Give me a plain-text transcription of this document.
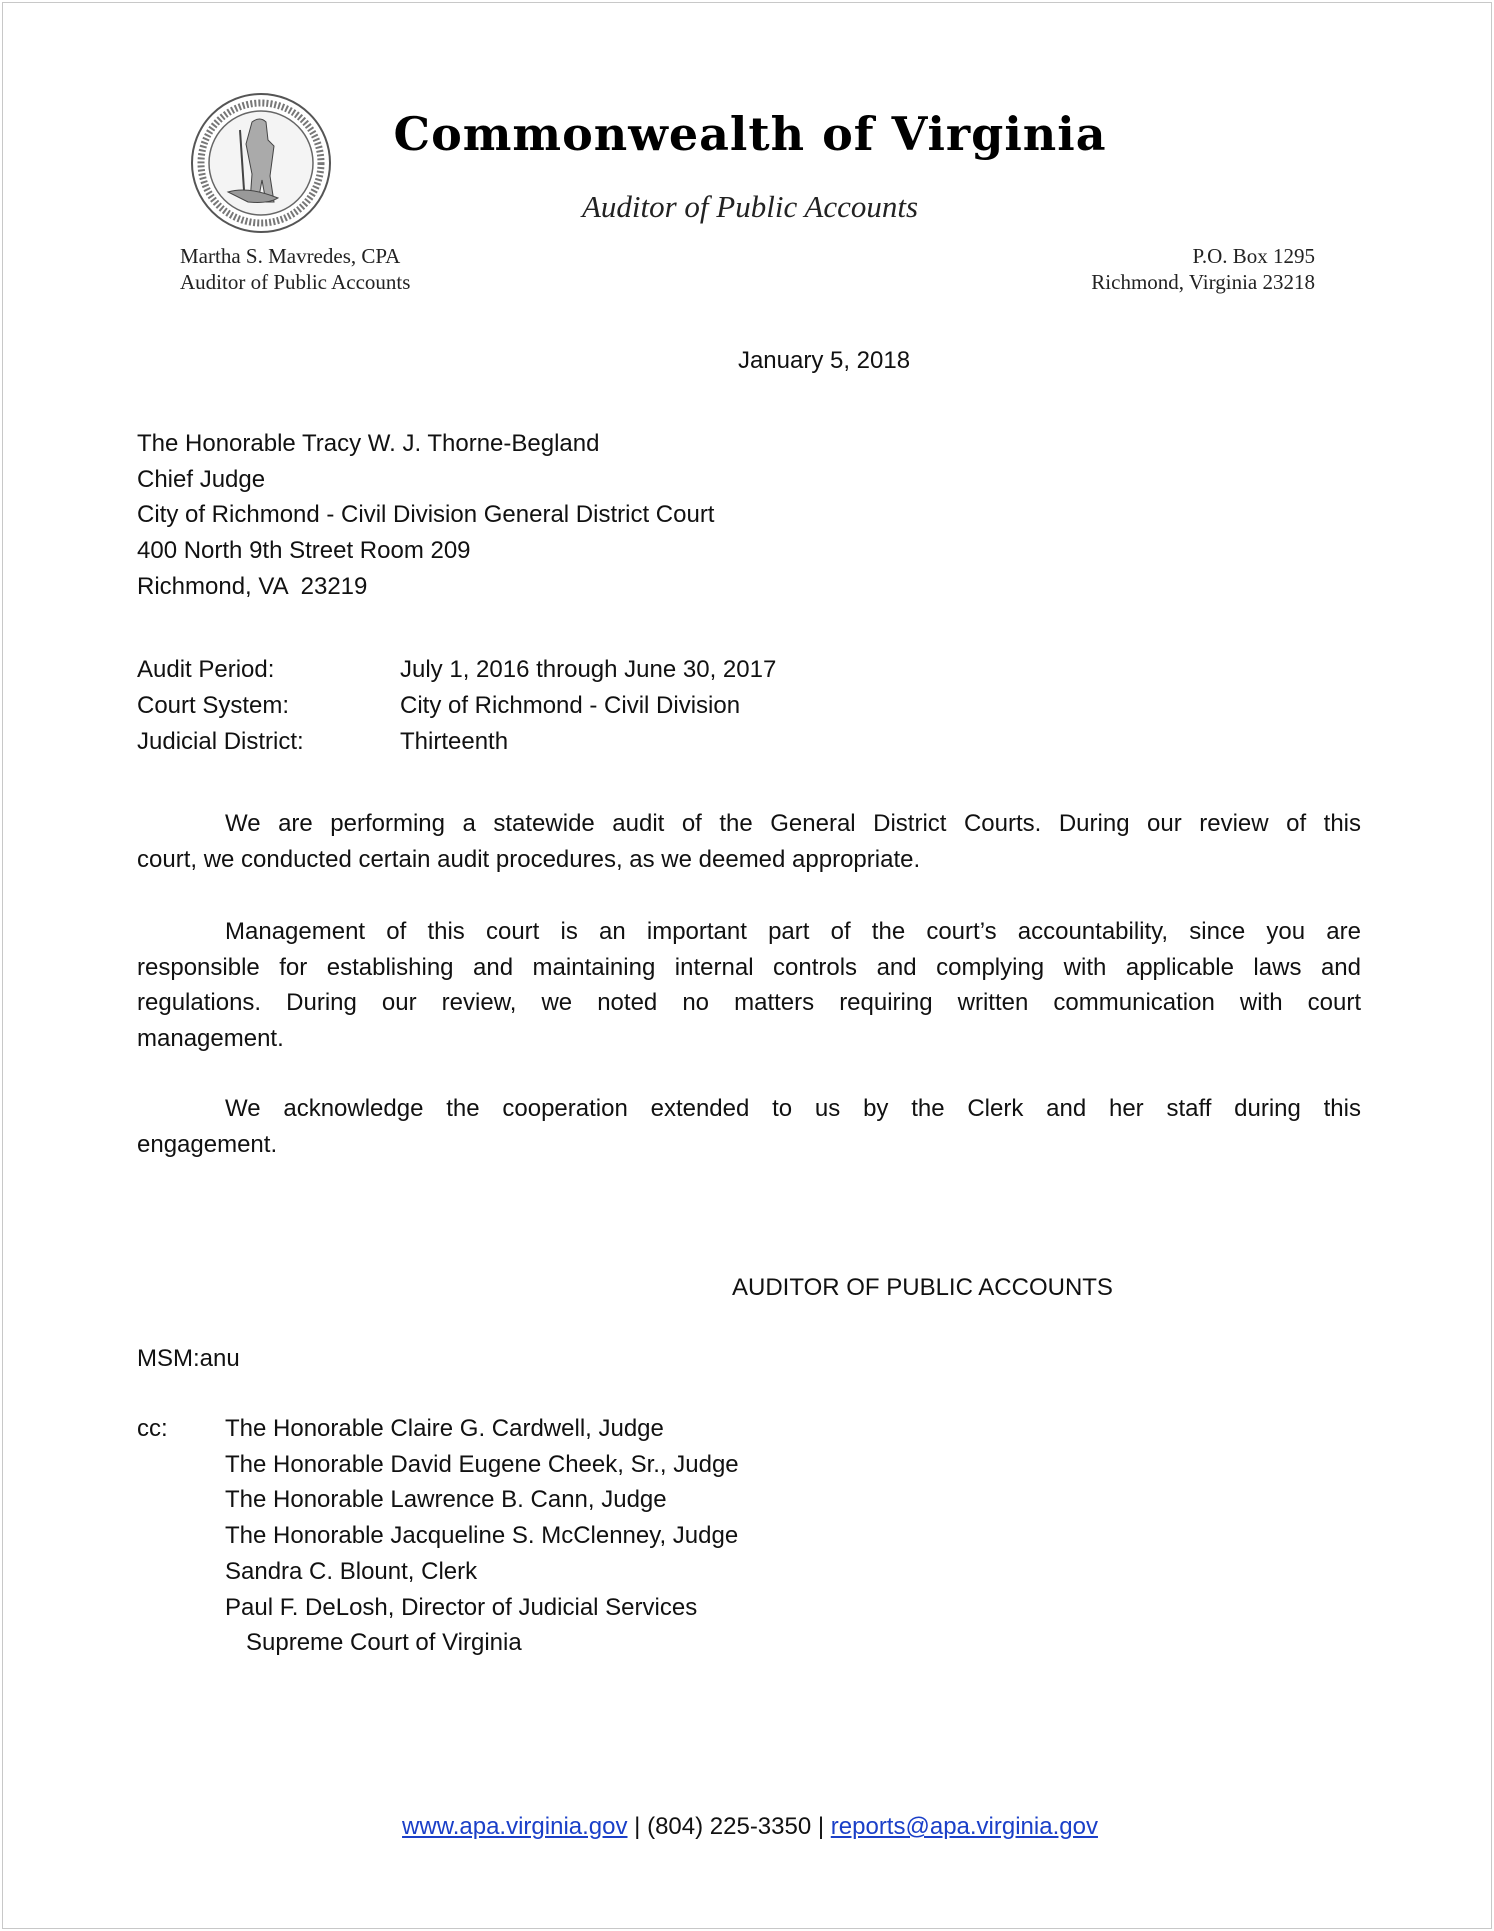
Commonwealth of Virginia
Auditor of Public Accounts
Martha S. Mavredes, CPA
Auditor of Public Accounts
P.O. Box 1295
Richmond, Virginia 23218
January 5, 2018
The Honorable Tracy W. J. Thorne-Begland
Chief Judge
City of Richmond - Civil Division General District Court
400 North 9th Street Room 209
Richmond, VA  23219
Audit Period:	July 1, 2016 through June 30, 2017
Court System:	City of Richmond - Civil Division
Judicial District:	Thirteenth
We are performing a statewide audit of the General District Courts. During our review of this
court, we conducted certain audit procedures, as we deemed appropriate.
Management of this court is an important part of the court’s accountability, since you are
responsible for establishing and maintaining internal controls and complying with applicable laws and
regulations. During our review, we noted no matters requiring written communication with court
management.
We acknowledge the cooperation extended to us by the Clerk and her staff during this
engagement.
AUDITOR OF PUBLIC ACCOUNTS
MSM:anu
cc:	The Honorable Claire G. Cardwell, Judge
The Honorable David Eugene Cheek, Sr., Judge
The Honorable Lawrence B. Cann, Judge
The Honorable Jacqueline S. McClenney, Judge
Sandra C. Blount, Clerk
Paul F. DeLosh, Director of Judicial Services
Supreme Court of Virginia
www.apa.virginia.gov | (804) 225-3350 | reports@apa.virginia.gov
